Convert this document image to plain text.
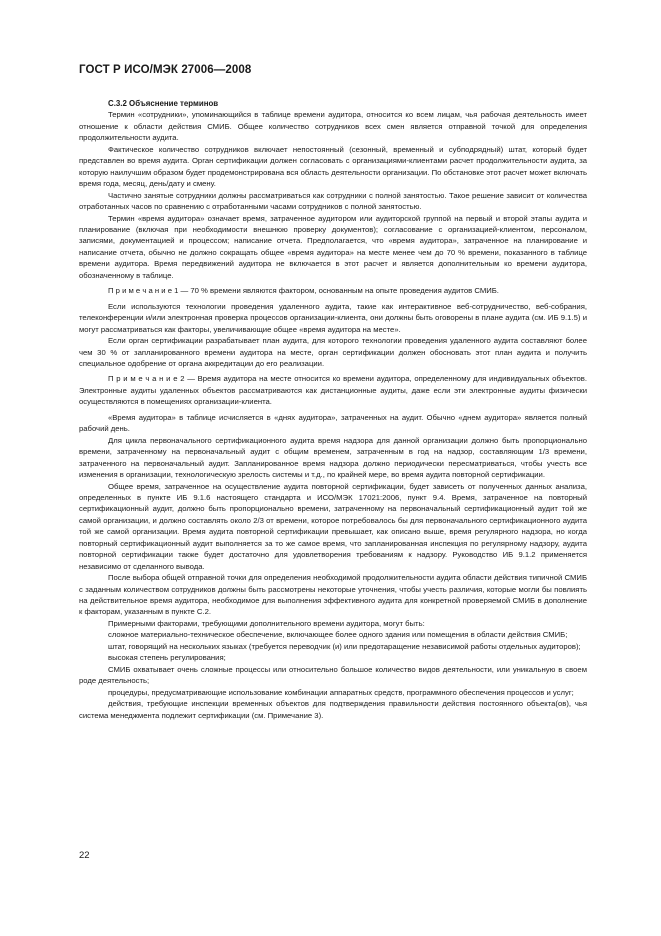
ГОСТ Р ИСО/МЭК 27006—2008

С.3.2 Объяснение терминов

Термин «сотрудники», упоминающийся в таблице времени аудитора, относится ко всем лицам, чья рабочая деятельность имеет отношение к области действия СМИБ. Общее количество сотрудников всех смен является отправной точкой для определения продолжительности аудита.

Фактическое количество сотрудников включает непостоянный (сезонный, временный и субподрядный) штат, который будет представлен во время аудита. Орган сертификации должен согласовать с организациями-клиентами расчет продолжительности аудита, за которую наилучшим образом будет продемонстрирована вся область деятельности организации. По обстановке этот расчет может включать время года, месяц, день/дату и смену.

Частично занятые сотрудники должны рассматриваться как сотрудники с полной занятостью. Такое решение зависит от количества отработанных часов по сравнению с отработанными часами сотрудников с полной занятостью.

Термин «время аудитора» означает время, затраченное аудитором или аудиторской группой на первый и второй этапы аудита и планирование (включая при необходимости внешнюю проверку документов); согласование с организацией-клиентом, персоналом, записями, документацией и процессом; написание отчета. Предполагается, что «время аудитора», затраченное на планирование и написание отчета, обычно не должно сокращать общее «время аудитора» на месте менее чем до 70 % времени, показанного в таблице времени аудитора. Время передвижений аудитора не включается в этот расчет и является дополнительным ко времени аудитора, обозначенному в таблице.

П р и м е ч а н и е 1 — 70 % времени являются фактором, основанным на опыте проведения аудитов СМИБ.

Если используются технологии проведения удаленного аудита, такие как интерактивное веб-сотрудничество, веб-собрания, телеконференции и/или электронная проверка процессов организации-клиента, они должны быть оговорены в плане аудита (см. ИБ 9.1.5) и могут рассматриваться как факторы, увеличивающие общее «время аудитора на месте».

Если орган сертификации разрабатывает план аудита, для которого технологии проведения удаленного аудита составляют более чем 30 % от запланированного времени аудитора на месте, орган сертификации должен обосновать этот план аудита и получить специальное одобрение от органа аккредитации до его реализации.

П р и м е ч а н и е 2 — Время аудитора на месте относится ко времени аудитора, определенному для индивидуальных объектов. Электронные аудиты удаленных объектов рассматриваются как дистанционные аудиты, даже если эти электронные аудиты физически осуществляются в помещениях организации-клиента.

«Время аудитора» в таблице исчисляется в «днях аудитора», затраченных на аудит. Обычно «днем аудитора» является полный рабочий день.

Для цикла первоначального сертификационного аудита время надзора для данной организации должно быть пропорционально времени, затраченному на первоначальный аудит с общим временем, затраченным в год на надзор, составляющим 1/3 времени, затраченного на первоначальный аудит. Запланированное время надзора должно периодически пересматриваться, чтобы учесть все изменения в организации, технологическую зрелость системы и т.д., по крайней мере, во время аудита повторной сертификации.

Общее время, затраченное на осуществление аудита повторной сертификации, будет зависеть от полученных данных анализа, определенных в пункте ИБ 9.1.6 настоящего стандарта и ИСО/МЭК 17021:2006, пункт 9.4. Время, затраченное на повторный сертификационный аудит, должно быть пропорционально времени, затраченному на первоначальный сертификационный аудит той же самой организации, и должно составлять около 2/3 от времени, которое потребовалось бы для первоначального сертификационного аудита той же самой организации. Время аудита повторной сертификации превышает, как описано выше, время регулярного надзора, но когда повторный сертификационный аудит выполняется за то же самое время, что запланированная инспекция по регулярному надзору, аудита повторной сертификации также будет достаточно для удовлетворения требованиям к надзору. Руководство ИБ 9.1.2 применяется независимо от сделанного вывода.

После выбора общей отправной точки для определения необходимой продолжительности аудита области действия типичной СМИБ с заданным количеством сотрудников должны быть рассмотрены некоторые уточнения, чтобы учесть различия, которые могли бы повлиять на действительное время аудитора, необходимое для выполнения эффективного аудита для конкретной проверяемой СМИБ в дополнение к факторам, указанным в пункте С.2.

Примерными факторами, требующими дополнительного времени аудитора, могут быть:

сложное материально-техническое обеспечение, включающее более одного здания или помещения в области действия СМИБ;

штат, говорящий на нескольких языках (требуется переводчик (и) или предотаращение независимой работы отдельных аудиторов);

высокая степень регулирования;

СМИБ охватывает очень сложные процессы или относительно большое количество видов деятельности, или уникальную в своем роде деятельность;

процедуры, предусматривающие использование комбинации аппаратных средств, программного обеспечения процессов и услуг;

действия, требующие инспекции временных объектов для подтверждения правильности действия постоянного объекта(ов), чья система менеджмента подлежит сертификации (см. Примечание 3).

22
